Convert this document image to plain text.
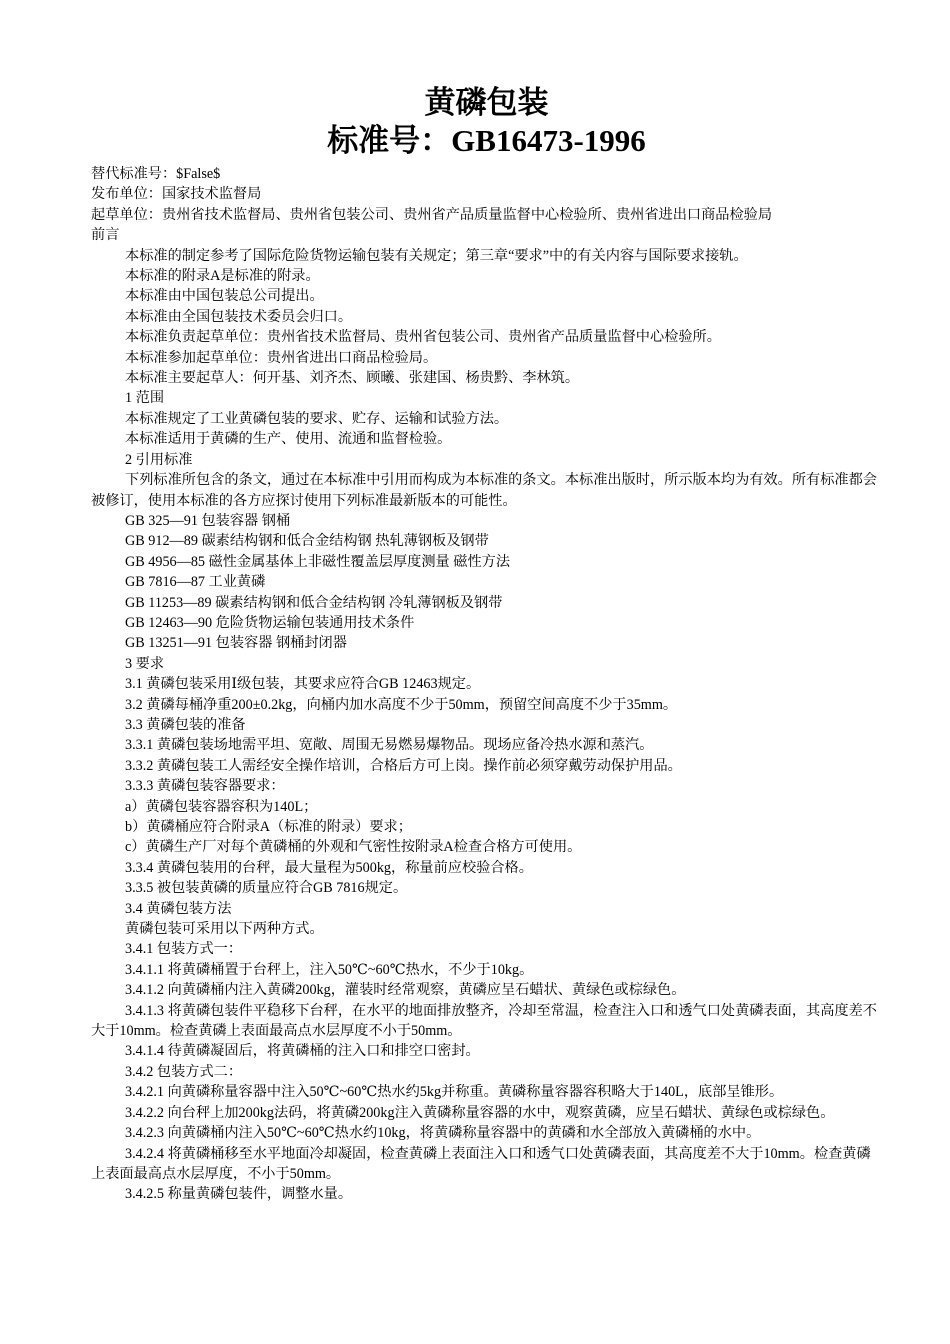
黄磷包装
标准号：GB16473-1996

替代标准号：$False$

发布单位：国家技术监督局

起草单位：贵州省技术监督局、贵州省包装公司、贵州省产品质量监督中心检验所、贵州省进出口商品检验局

前言

本标准的制定参考了国际危险货物运输包装有关规定；第三章“要求”中的有关内容与国际要求接轨。

本标准的附录A是标准的附录。

本标准由中国包装总公司提出。

本标准由全国包装技术委员会归口。

本标准负责起草单位：贵州省技术监督局、贵州省包装公司、贵州省产品质量监督中心检验所。

本标准参加起草单位：贵州省进出口商品检验局。

本标准主要起草人：何开基、刘齐杰、顾曦、张建国、杨贵黔、李林筑。

1 范围

本标准规定了工业黄磷包装的要求、贮存、运输和试验方法。

本标准适用于黄磷的生产、使用、流通和监督检验。

2 引用标准

下列标准所包含的条文，通过在本标准中引用而构成为本标准的条文。本标准出版时，所示版本均为有效。所有标准都会被修订，使用本标准的各方应探讨使用下列标准最新版本的可能性。

GB 325—91 包装容器 钢桶

GB 912—89 碳素结构钢和低合金结构钢 热轧薄钢板及钢带

GB 4956—85 磁性金属基体上非磁性覆盖层厚度测量 磁性方法

GB 7816—87 工业黄磷

GB 11253—89 碳素结构钢和低合金结构钢 冷轧薄钢板及钢带

GB 12463—90 危险货物运输包装通用技术条件

GB 13251—91 包装容器 钢桶封闭器

3 要求

3.1 黄磷包装采用Ⅰ级包装，其要求应符合GB 12463规定。

3.2 黄磷每桶净重200±0.2kg，向桶内加水高度不少于50mm，预留空间高度不少于35mm。

3.3 黄磷包装的准备

3.3.1 黄磷包装场地需平坦、宽敞、周围无易燃易爆物品。现场应备冷热水源和蒸汽。

3.3.2 黄磷包装工人需经安全操作培训，合格后方可上岗。操作前必须穿戴劳动保护用品。

3.3.3 黄磷包装容器要求：

a）黄磷包装容器容积为140L；

b）黄磷桶应符合附录A（标准的附录）要求；

c）黄磷生产厂对每个黄磷桶的外观和气密性按附录A检查合格方可使用。

3.3.4 黄磷包装用的台秤，最大量程为500kg，称量前应校验合格。

3.3.5 被包装黄磷的质量应符合GB 7816规定。

3.4 黄磷包装方法

黄磷包装可采用以下两种方式。

3.4.1 包装方式一：

3.4.1.1 将黄磷桶置于台秤上，注入50℃~60℃热水，不少于10kg。

3.4.1.2 向黄磷桶内注入黄磷200kg，灌装时经常观察，黄磷应呈石蜡状、黄绿色或棕绿色。

3.4.1.3 将黄磷包装件平稳移下台秤，在水平的地面排放整齐，冷却至常温，检查注入口和透气口处黄磷表面，其高度差不大于10mm。检查黄磷上表面最高点水层厚度不小于50mm。

3.4.1.4 待黄磷凝固后，将黄磷桶的注入口和排空口密封。

3.4.2 包装方式二：

3.4.2.1 向黄磷称量容器中注入50℃~60℃热水约5kg并称重。黄磷称量容器容积略大于140L，底部呈锥形。

3.4.2.2 向台秤上加200kg法码，将黄磷200kg注入黄磷称量容器的水中，观察黄磷，应呈石蜡状、黄绿色或棕绿色。

3.4.2.3 向黄磷桶内注入50℃~60℃热水约10kg，将黄磷称量容器中的黄磷和水全部放入黄磷桶的水中。

3.4.2.4 将黄磷桶移至水平地面冷却凝固，检查黄磷上表面注入口和透气口处黄磷表面，其高度差不大于10mm。检查黄磷上表面最高点水层厚度，不小于50mm。

3.4.2.5 称量黄磷包装件，调整水量。
